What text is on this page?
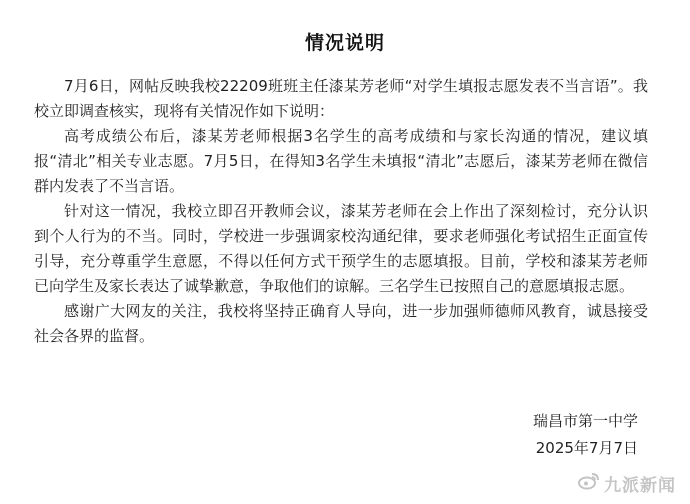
情况说明

7月6日，网帖反映我校22209班班主任漆某芳老师“对学生填报志愿发表不当言语”。我校立即调查核实，现将有关情况作如下说明：

高考成绩公布后，漆某芳老师根据3名学生的高考成绩和与家长沟通的情况，建议填报“清北”相关专业志愿。7月5日，在得知3名学生未填报“清北”志愿后，漆某芳老师在微信群内发表了不当言语。

针对这一情况，我校立即召开教师会议，漆某芳老师在会上作出了深刻检讨，充分认识到个人行为的不当。同时，学校进一步强调家校沟通纪律，要求老师强化考试招生正面宣传引导，充分尊重学生意愿，不得以任何方式干预学生的志愿填报。目前，学校和漆某芳老师已向学生及家长表达了诚挚歉意，争取他们的谅解。三名学生已按照自己的意愿填报志愿。

感谢广大网友的关注，我校将坚持正确育人导向，进一步加强师德师风教育，诚恳接受社会各界的监督。

瑞昌市第一中学
2025年7月7日
九派新闻
